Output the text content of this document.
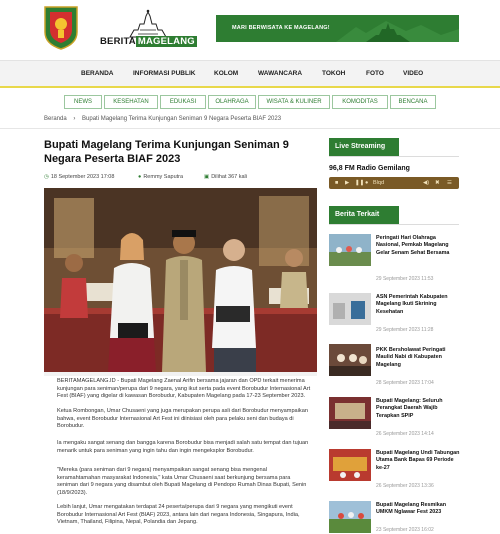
BERITA MAGELANG
MARI BERWISATA KE MAGELANG!
BERANDA	INFORMASI PUBLIK	KOLOM	WAWANCARA	TOKOH	FOTO	VIDEO
NEWS	KESEHATAN	EDUKASI	OLAHRAGA	WISATA & KULINER	KOMODITAS	BENCANA
Beranda › Bupati Magelang Terima Kunjungan Seniman 9 Negara Peserta BIAF 2023
Bupati Magelang Terima Kunjungan Seniman 9 Negara Peserta BIAF 2023
◷ 18 September 2023 17:08	● Remmy Saputra	▣ Dilihat 367 kali

BERITAMAGELANG.ID - Bupati Magelang Zaenal Arifin bersama jajaran dan OPD terkait menerima kunjungan para seniman/perupa dari 9 negara, yang ikut serta pada event Borobudur Internasional Art Fest (BIAF) yang digelar di kawasan Borobudur, Kabupaten Magelang pada 17-23 September 2023.

Ketua Rombongan, Umar Chusaeni yang juga merupakan perupa asli dari Borobudur menyampaikan bahwa, event Borobudur Internasional Art Fest ini diinisiasi oleh para pelaku seni dan budaya di Borobudur.

Ia mengaku sangat senang dan bangga karena Borobudur bisa menjadi salah satu tempat dan tujuan menarik untuk para seniman yang ingin tahu dan ingin mengeksplor Borobudur.

"Mereka (para seniman dari 9 negara) menyampaikan sangat senang bisa mengenal keramahtamahan masyarakat Indonesia," kata Umar Chusaeni saat berkunjung bersama para seniman dari 9 negara yang disambut oleh Bupati Magelang di Pendopo Rumah Dinas Bupati, Senin (18/9/2023).

Lebih lanjut, Umar mengatakan terdapat 24 peserta/perupa dari 9 negara yang mengikuti event Borobudur Internasional Art Fest (BIAF) 2023, antara lain dari negara Indonesia, Singapura, India, Vietnam, Thailand, Filipina, Nepal, Polandia dan Jepang.

Live Streaming
96,8 FM Radio Gemilang
■ ▶ ❚❚ ● Blqd	◀) ✖ ☰
Berita Terkait
Peringati Hari Olahraga Nasional, Pemkab Magelang Gelar Senam Sehat Bersama
29 September 2023 11:53
ASN Pemerintah Kabupaten Magelang Ikuti Skrining Kesehatan
29 September 2023 11:28
PKK Bersholawat Peringati Maulid Nabi di Kabupaten Magelang
28 September 2023 17:04
Bupati Magelang: Seluruh Perangkat Daerah Wajib Terapkan SPIP
26 September 2023 14:14
Bupati Magelang Undi Tabungan Utama Bank Bapas 69 Periode ke-27
26 September 2023 13:36
Bupati Magelang Resmikan UMKM Nglawar Fest 2023
23 September 2023 16:02
